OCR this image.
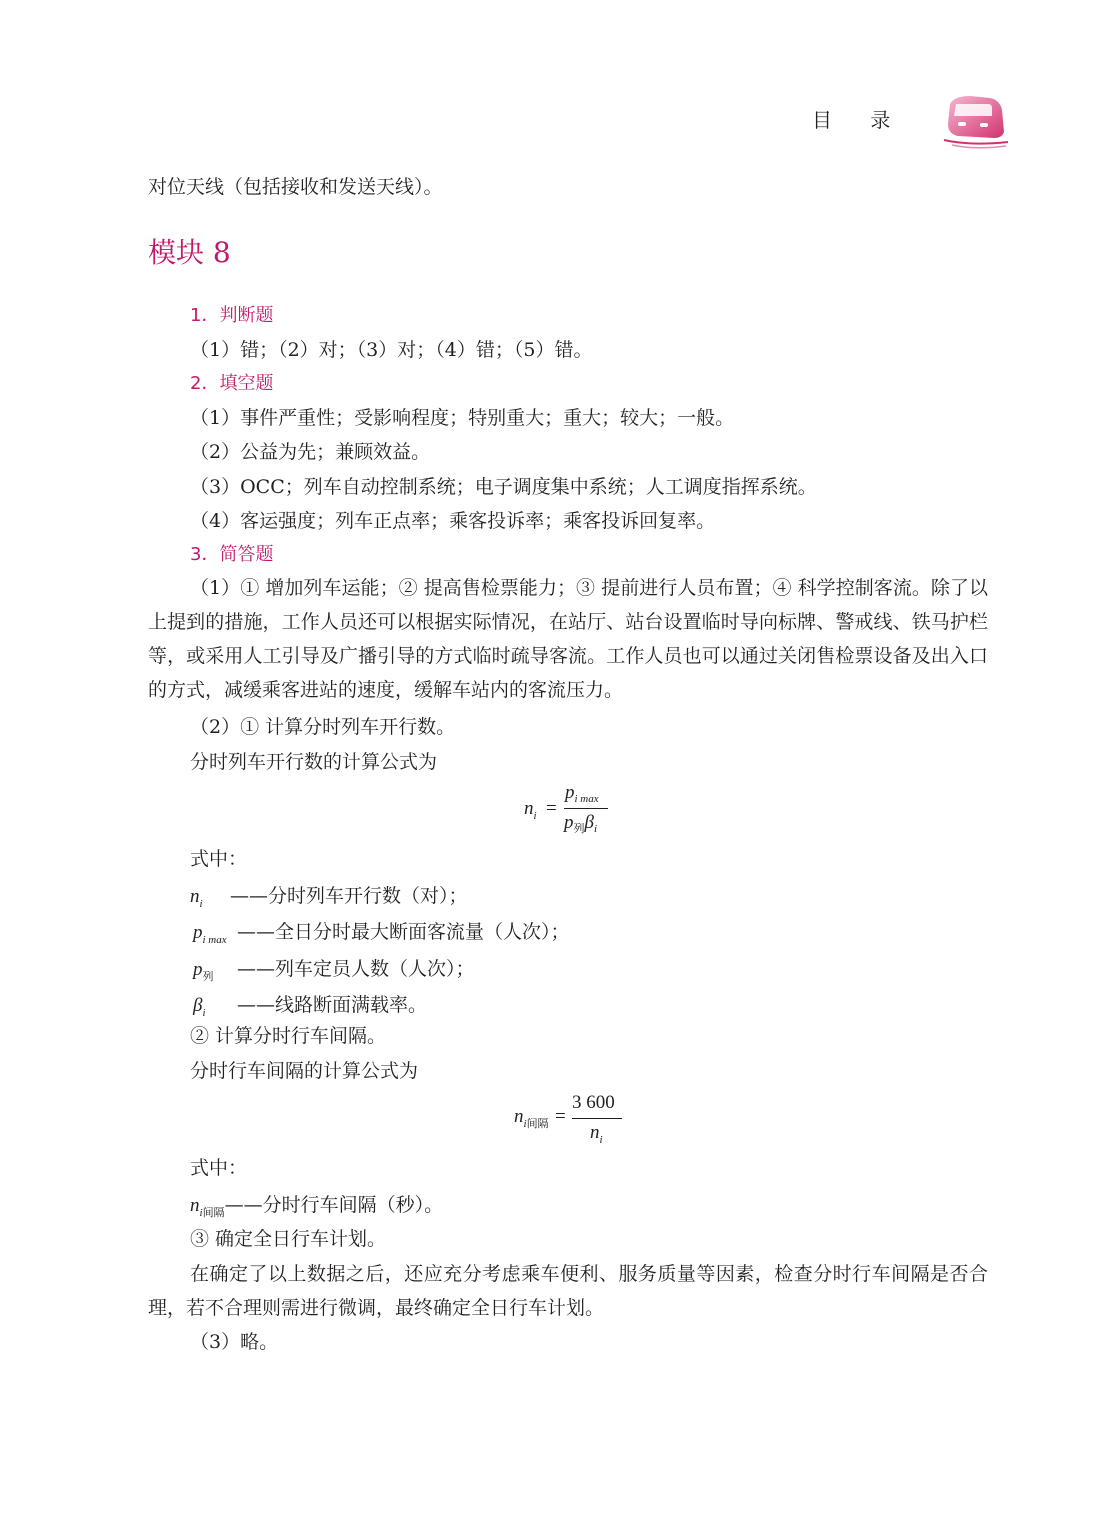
目 录
对位天线（包括接收和发送天线）。
模块 8
1．判断题
（1）错；（2）对；（3）对；（4）错；（5）错。
2．填空题
（1）事件严重性；受影响程度；特别重大；重大；较大；一般。
（2）公益为先；兼顾效益。
（3）OCC；列车自动控制系统；电子调度集中系统；人工调度指挥系统。
（4）客运强度；列车正点率；乘客投诉率；乘客投诉回复率。
3．简答题
（1）① 增加列车运能；② 提高售检票能力；③ 提前进行人员布置；④ 科学控制客流。除了以上提到的措施，工作人员还可以根据实际情况，在站厅、站台设置临时导向标牌、警戒线、铁马护栏等，或采用人工引导及广播引导的方式临时疏导客流。工作人员也可以通过关闭售检票设备及出入口的方式，减缓乘客进站的速度，缓解车站内的客流压力。
（2）① 计算分时列车开行数。
分时列车开行数的计算公式为
$n_i$ =
$p_{i max}$
$p_列\beta_i$
式中：
$n_i$ ——分时列车开行数（对）；
$p_{i max}$ ——全日分时最大断面客流量（人次）；
$p_列$ ——列车定员人数（人次）；
$\beta_i$ ——线路断面满载率。
② 计算分时行车间隔。
分时行车间隔的计算公式为
$n_{i间隔}$ =
3 600
$n_i$
式中：
$n_{i间隔}——$分时行车间隔（秒）。
③ 确定全日行车计划。
在确定了以上数据之后，还应充分考虑乘车便利、服务质量等因素，检查分时行车间隔是否合理，若不合理则需进行微调，最终确定全日行车计划。
（3）略。
